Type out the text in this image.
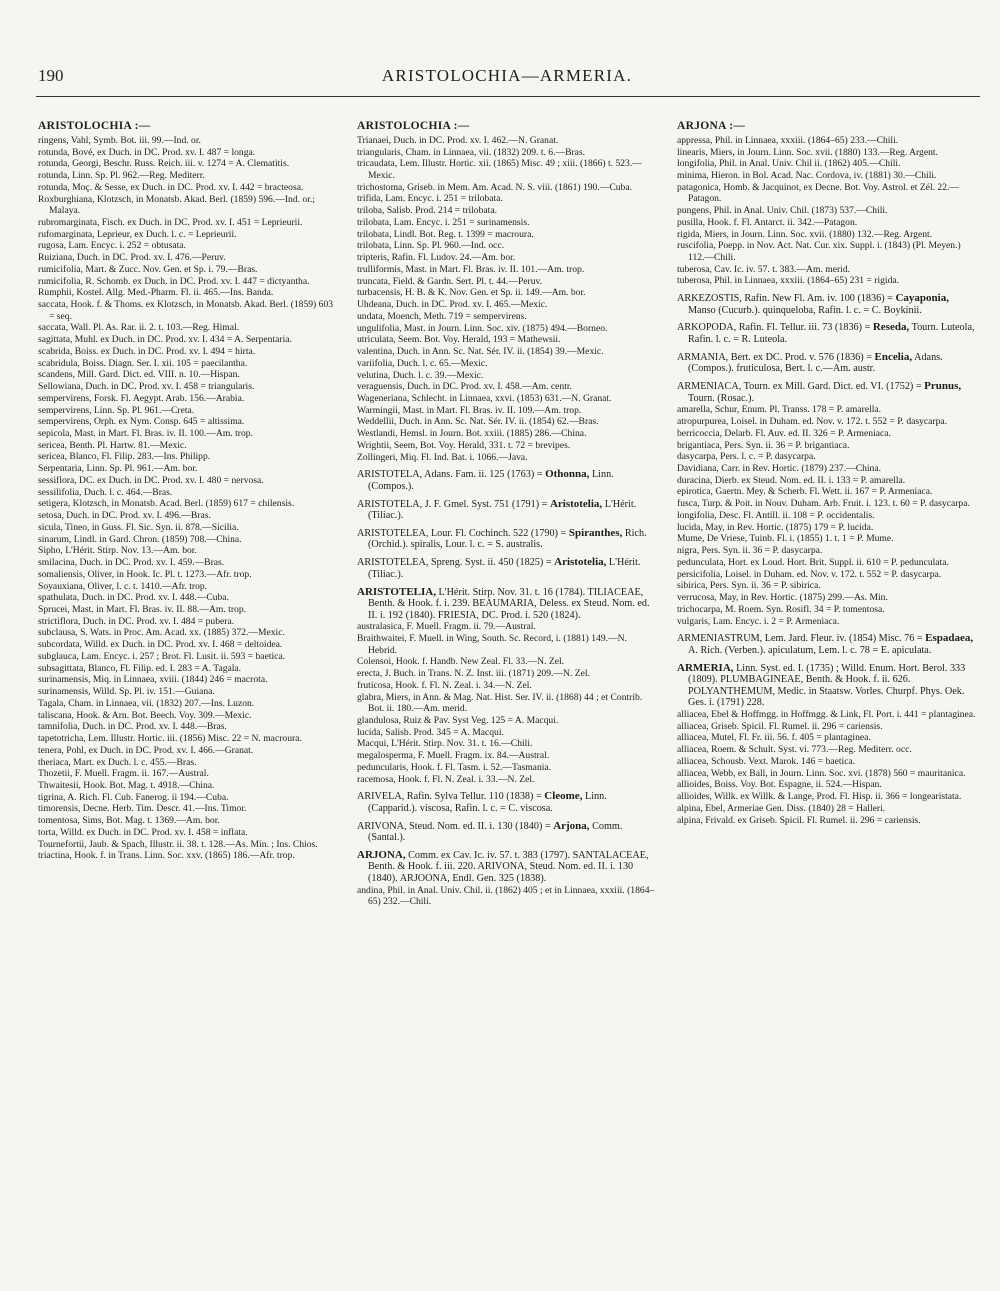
190	ARISTOLOCHIA—ARMERIA.
ARISTOLOCHIA :—
ringens, Vahl, Symb. Bot. iii. 99.—Ind. or.
rotunda, Bové, ex Duch. in DC. Prod. xv. I. 487 = longa.
rotunda, Georgi, Beschr. Russ. Reich. iii. v. 1274 = A. Clematitis.
rotunda, Linn. Sp. Pl. 962.—Reg. Mediterr.
rotunda, Moç. & Sesse, ex Duch. in DC. Prod. xv. I. 442 = bracteosa.
Roxburghiana, Klotzsch, in Monatsb. Akad. Berl. (1859) 596.—Ind. or.; Malaya.
rubromarginata, Fisch. ex Duch. in DC. Prod. xv. I. 451 = Leprieurii.
rufomarginata, Leprieur, ex Duch. l. c. = Leprieurii.
rugosa, Lam. Encyc. i. 252 = obtusata.
Ruiziana, Duch. in DC. Prod. xv. I. 476.—Peruv.
rumicifolia, Mart. & Zucc. Nov. Gen. et Sp. i. 79.—Bras.
rumicifolia, R. Schomb. ex Duch. in DC. Prod. xv. I. 447 = dictyantha.
Rumphii, Kostel. Allg. Med.-Pharm. Fl. ii. 465.—Ins. Banda.
saccata, Hook. f. & Thoms. ex Klotzsch, in Monatsb. Akad. Berl. (1859) 603 = seq.
saccata, Wall. Pl. As. Rar. ii. 2. t. 103.—Reg. Himal.
sagittata, Muhl. ex Duch. in DC. Prod. xv. I. 434 = A. Serpentaria.
scabrida, Boiss. ex Duch. in DC. Prod. xv. I. 494 = hirta.
scabridula, Boiss. Diagn. Ser. I. xii. 105 = paecilantha.
scandens, Mill. Gard. Dict. ed. VIII. n. 10.—Hispan.
Sellowiana, Duch. in DC. Prod. xv. I. 458 = triangularis.
sempervirens, Forsk. Fl. Aegypt. Arab. 156.—Arabia.
sempervirens, Linn. Sp. Pl. 961.—Creta.
sempervirens, Orph. ex Nym. Consp. 645 = altissima.
sepicola, Mast. in Mart. Fl. Bras. iv. II. 100.—Am. trop.
sericea, Benth. Pl. Hartw. 81.—Mexic.
sericea, Blanco, Fl. Filip. 283.—Ins. Philipp.
Serpentaria, Linn. Sp. Pl. 961.—Am. bor.
sessiflora, DC. ex Duch. in DC. Prod. xv. I. 480 = nervosa.
sessilifolia, Duch. l. c. 464.—Bras.
setigera, Klotzsch, in Monatsb. Acad. Berl. (1859) 617 = chilensis.
setosa, Duch. in DC. Prod. xv. I. 496.—Bras.
sicula, Tineo, in Guss. Fl. Sic. Syn. ii. 878.—Sicilia.
sinarum, Lindl. in Gard. Chron. (1859) 708.—China.
Sipho, L'Hérit. Stirp. Nov. 13.—Am. bor.
smilacina, Duch. in DC. Prod. xv. I. 459.—Bras.
somaliensis, Oliver, in Hook. Ic. Pl. t. 1273.—Afr. trop.
Soyauxiana, Oliver, l. c. t. 1410.—Afr. trop.
spathulata, Duch. in DC. Prod. xv. I. 448.—Cuba.
Sprucei, Mast. in Mart. Fl. Bras. iv. II. 88.—Am. trop.
strictiflora, Duch. in DC. Prod. xv. I. 484 = pubera.
subclausa, S. Wats. in Proc. Am. Acad. xx. (1885) 372.—Mexic.
subcordata, Willd. ex Duch. in DC. Prod. xv. I. 468 = deltoidea.
subglauca, Lam. Encyc. i. 257 ; Brot. Fl. Lusit. ii. 593 = baetica.
subsagittata, Blanco, Fl. Filip. ed. I. 283 = A. Tagala.
surinamensis, Miq. in Linnaea, xviii. (1844) 246 = macrota.
surinamensis, Willd. Sp. Pl. iv. 151.—Guiana.
Tagala, Cham. in Linnaea, vii. (1832) 207.—Ins. Luzon.
taliscana, Hook. & Arn. Bot. Beech. Voy. 309.—Mexic.
tamnifolia, Duch. in DC. Prod. xv. I. 448.—Bras.
tapetotricha, Lem. Illustr. Hortic. iii. (1856) Misc. 22 = N. macroura.
tenera, Pohl, ex Duch. in DC. Prod. xv. I. 466.—Granat.
theriaca, Mart. ex Duch. l. c. 455.—Bras.
Thozetii, F. Muell. Fragm. ii. 167.—Austral.
Thwaitesii, Hook. Bot. Mag. t. 4918.—China.
tigrina, A. Rich. Fl. Cub. Fanerog. ii 194.—Cuba.
timorensis, Decne. Herb. Tim. Descr. 41.—Ins. Timor.
tomentosa, Sims, Bot. Mag. t. 1369.—Am. bor.
torta, Willd. ex Duch. in DC. Prod. xv. I. 458 = inflata.
Tournefortii, Jaub. & Spach, Illustr. ii. 38. t. 128.—As. Min. ; Ins. Chios.
triactina, Hook. f. in Trans. Linn. Soc. xxv. (1865) 186.—Afr. trop.
ARISTOLOCHIA :—
Trianaei, Duch. in DC. Prod. xv. I. 462.—N. Granat.
triangularis, Cham. in Linnaea, vii. (1832) 209. t. 6.—Bras.
tricaudata, Lem. Illustr. Hortic. xii. (1865) Misc. 49 ; xiii. (1866) t. 523.—Mexic.
trichostoma, Griseb. in Mem. Am. Acad. N. S. viii. (1861) 190.—Cuba.
trifida, Lam. Encyc. i. 251 = trilobata.
triloba, Salisb. Prod. 214 = trilobata.
trilobata, Lam. Encyc. i. 251 = surinamensis.
trilobata, Lindl. Bot. Reg. t. 1399 = macroura.
trilobata, Linn. Sp. Pl. 960.—Ind. occ.
tripteris, Rafin. Fl. Ludov. 24.—Am. bor.
trulliformis, Mast. in Mart. Fl. Bras. iv. II. 101.—Am. trop.
truncata, Field. & Gardn. Sert. Pl. t. 44.—Peruv.
turbacensis, H. B. & K. Nov. Gen. et Sp. ii. 149.—Am. bor.
Uhdeana, Duch. in DC. Prod. xv. I. 465.—Mexic.
undata, Moench, Meth. 719 = sempervirens.
ungulifolia, Mast. in Journ. Linn. Soc. xiv. (1875) 494.—Borneo.
utriculata, Seem. Bot. Voy. Herald, 193 = Mathewsii.
valentina, Duch. in Ann. Sc. Nat. Sér. IV. ii. (1854) 39.—Mexic.
variifolia, Duch. l. c. 65.—Mexic.
velutina, Duch. l. c. 39.—Mexic.
veraguensis, Duch. in DC. Prod. xv. I. 458.—Am. centr.
Wageneriana, Schlecht. in Linnaea, xxvi. (1853) 631.—N. Granat.
Warmingii, Mast. in Mart. Fl. Bras. iv. II. 109.—Am. trop.
Weddellii, Duch. in Ann. Sc. Nat. Sér. IV. ii. (1854) 62.—Bras.
Westlandi, Hemsl. in Journ. Bot. xxiii. (1885) 286.—China.
Wrightii, Seem, Bot. Voy. Herald, 331. t. 72 = brevipes.
Zollingeri, Miq. Fl. Ind. Bat. i. 1066.—Java.
ARISTOTELA, Adans. Fam. ii. 125 (1763) = Othonna, Linn. (Compos.).
ARISTOTELA, J. F. Gmel. Syst. 751 (1791) = Aristotelia, L'Hérit. (Tiliac.).
ARISTOTELEA, Lour. Fl. Cochinch. 522 (1790) = Spiranthes, Rich. (Orchid.). spiralis, Lour. l. c. = S. australis.
ARISTOTELEA, Spreng. Syst. ii. 450 (1825) = Aristotelia, L'Hérit. (Tiliac.).
ARISTOTELIA, L'Hérit. Stirp. Nov. 31. t. 16 (1784). TILIACEAE, Benth. & Hook. f. i. 239. BEAUMARIA, Deless. ex Steud. Nom. ed. II. i. 192 (1840). FRIESIA, DC. Prod. i. 520 (1824).
australasica, F. Muell. Fragm. ii. 79.—Austral.
Braithwaitei, F. Muell. in Wing, South. Sc. Record, i. (1881) 149.—N. Hebrid.
Colensoi, Hook. f. Handb. New Zeal. Fl. 33.—N. Zel.
erecta, J. Buch. in Trans. N. Z. Inst. iii. (1871) 209.—N. Zel.
fruticosa, Hook. f. Fl. N. Zeal. i. 34.—N. Zel.
glabra, Miers, in Ann. & Mag. Nat. Hist. Ser. IV. ii. (1868) 44 ; et Contrib. Bot. ii. 180.—Am. merid.
glandulosa, Ruiz & Pav. Syst Veg. 125 = A. Macqui.
lucida, Salisb. Prod. 345 = A. Macqui.
Macqui, L'Hérit. Stirp. Nov. 31. t. 16.—Chili.
megalosperma, F. Muell. Fragm. ix. 84.—Austral.
peduncularis, Hook. f. Fl. Tasm. i. 52.—Tasmania.
racemosa, Hook. f. Fl. N. Zeal. i. 33.—N. Zel.
ARIVELA, Rafin. Sylva Tellur. 110 (1838) = Cleome, Linn. (Capparid.). viscosa, Rafin. l. c. = C. viscosa.
ARIVONA, Steud. Nom. ed. II. i. 130 (1840) = Arjona, Comm. (Santal.).
ARJONA, Comm. ex Cav. Ic. iv. 57. t. 383 (1797). SANTALACEAE, Benth. & Hook. f. iii. 220. ARIVONA, Steud. Nom. ed. II. i. 130 (1840). ARJOONA, Endl. Gen. 325 (1838).
andina, Phil. in Anal. Univ. Chil. ii. (1862) 405 ; et in Linnaea, xxxiii. (1864–65) 232.—Chili.
ARJONA :—
appressa, Phil. in Linnaea, xxxiii. (1864–65) 233.—Chili.
linearis, Miers, in Journ. Linn. Soc. xvii. (1880) 133.—Reg. Argent.
longifolia, Phil. in Anal. Univ. Chil ii. (1862) 405.—Chili.
minima, Hieron. in Bol. Acad. Nac. Cordova, iv. (1881) 30.—Chili.
patagonica, Homb. & Jacquinot, ex Decne. Bot. Voy. Astrol. et Zél. 22.—Patagon.
pungens, Phil. in Anal. Univ. Chil. (1873) 537.—Chili.
pusilla, Hook. f. Fl. Antarct. ii. 342.—Patagon.
rigida, Miers, in Journ. Linn. Soc. xvii. (1880) 132.—Reg. Argent.
ruscifolia, Poepp. in Nov. Act. Nat. Cur. xix. Suppl. i. (1843) (Pl. Meyen.) 112.—Chili.
tuberosa, Cav. Ic. iv. 57. t. 383.—Am. merid.
tuberosa, Phil. in Linnaea, xxxiii. (1864–65) 231 = rigida.
ARKEZOSTIS, Rafin. New Fl. Am. iv. 100 (1836) = Cayaponia, Manso (Cucurb.). quinqueloba, Rafin. l. c. = C. Boykinii.
ARKOPODA, Rafin. Fl. Tellur. iii. 73 (1836) = Reseda, Tourn. Luteola, Rafin. l. c. = R. Luteola.
ARMANIA, Bert. ex DC. Prod. v. 576 (1836) = Encelia, Adans. (Compos.). fruticulosa, Bert. l. c.—Am. austr.
ARMENIACA, Tourn. ex Mill. Gard. Dict. ed. VI. (1752) = Prunus, Tourn. (Rosac.).
amarella, Schur, Enum. Pl. Transs. 178 = P. amarella.
atropurpurea, Loisel. in Duham. ed. Nov. v. 172. t. 552 = P. dasycarpa.
berricoccia, Delarb. Fl. Auv. ed. II. 326 = P. Armeniaca.
brigantiaca, Pers. Syn. ii. 36 = P. brigantiaca.
dasycarpa, Pers. l. c. = P. dasycarpa.
Davidiana, Carr. in Rev. Hortic. (1879) 237.—China.
duracina, Dierb. ex Steud. Nom. ed. II. i. 133 = P. amarella.
epirotica, Gaertn. Mey. & Scherb. Fl. Wett. ii. 167 = P. Armeniaca.
fusca, Turp. & Poit. in Nouv. Duham. Arb. Fruit. i. 123. t. 60 = P. dasycarpa.
longifolia, Desc. Fl. Antill. ii. 108 = P. occidentalis.
lucida, May, in Rev. Hortic. (1875) 179 = P. lucida.
Mume, De Vriese, Tuinb. Fl. i. (1855) 1. t. 1 = P. Mume.
nigra, Pers. Syn. ii. 36 = P. dasycarpa.
pedunculata, Hort. ex Loud. Hort. Brit. Suppl. ii. 610 = P. pedunculata.
persicifolia, Loisel. in Duham. ed. Nov. v. 172. t. 552 = P. dasycarpa.
sibirica, Pers. Syn. ii. 36 = P. sibirica.
verrucosa, May, in Rev. Hortic. (1875) 299.—As. Min.
trichocarpa, M. Roem. Syn. Rosifl. 34 = P. tomentosa.
vulgaris, Lam. Encyc. i. 2 = P. Armeniaca.
ARMENIASTRUM, Lem. Jard. Fleur. iv. (1854) Misc. 76 = Espadaea, A. Rich. (Verben.). apiculatum, Lem. l. c. 78 = E. apiculata.
ARMERIA, Linn. Syst. ed. I. (1735) ; Willd. Enum. Hort. Berol. 333 (1809). PLUMBAGINEAE, Benth. & Hook. f. ii. 626. POLYANTHEMUM, Medic. in Staatsw. Vorles. Churpf. Phys. Oek. Ges. i. (1791) 228.
alliacea, Ebel & Hoffmgg. in Hoffmgg. & Link, Fl. Port. i. 441 = plantaginea.
alliacea, Griseb. Spicil. Fl. Rumel. ii. 296 = cariensis.
alliacea, Mutel, Fl. Fr. iii. 56. f. 405 = plantaginea.
alliacea, Roem. & Schult. Syst. vi. 773.—Reg. Mediterr. occ.
alliacea, Schousb. Vext. Marok. 146 = baetica.
alliacea, Webb, ex Ball, in Journ. Linn. Soc. xvi. (1878) 560 = mauritanica.
allioides, Boiss. Voy. Bot. Espagne, ii. 524.—Hispan.
allioides, Willk. ex Willk. & Lange, Prod. Fl. Hisp. ii. 366 = longearistata.
alpina, Ebel, Armeriae Gen. Diss. (1840) 28 = Halleri.
alpina, Frivald. ex Griseb. Spicil. Fl. Rumel. ii. 296 = cariensis.
